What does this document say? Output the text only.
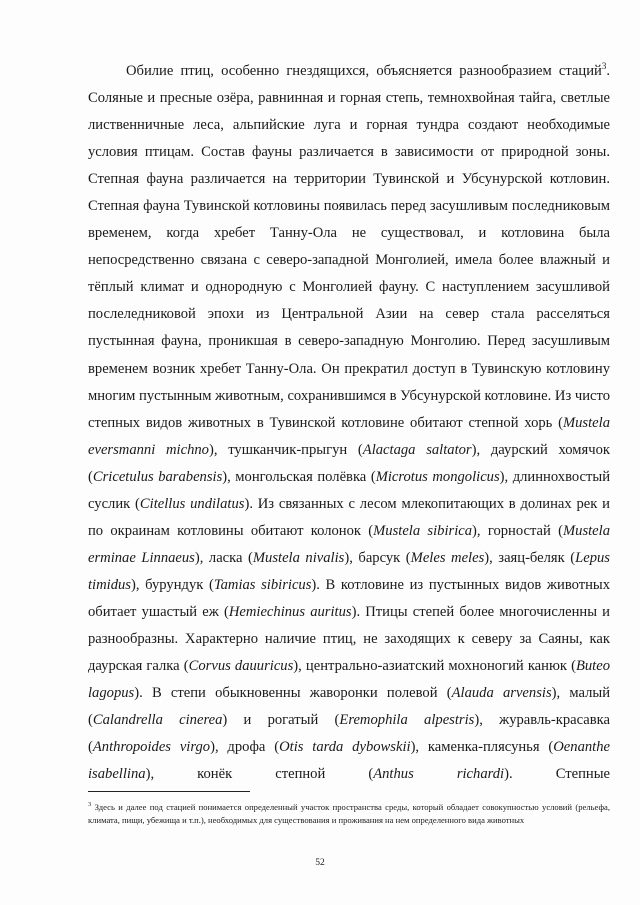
Обилие птиц, особенно гнездящихся, объясняется разнообразием стаций$^3$. Соляные и пресные озёра, равнинная и горная степь, темнохвойная тайга, светлые лиственничные леса, альпийские луга и горная тундра создают необходимые условия птицам. Состав фауны различается в зависимости от природной зоны. Степная фауна различается на территории Тувинской и Убсунурской котловин. Степная фауна Тувинской котловины появилась перед засушливым последниковым временем, когда хребет Танну-Ола не существовал, и котловина была непосредственно связана с северо-западной Монголией, имела более влажный и тёплый климат и однородную с Монголией фауну. С наступлением засушливой послеледниковой эпохи из Центральной Азии на север стала расселяться пустынная фауна, проникшая в северо-западную Монголию. Перед засушливым временем возник хребет Танну-Ола. Он прекратил доступ в Тувинскую котловину многим пустынным животным, сохранившимся в Убсунурской котловине. Из чисто степных видов животных в Тувинской котловине обитают степной хорь (Mustela eversmanni michno), тушканчик-прыгун (Alactaga saltator), даурский хомячок (Cricetulus barabensis), монгольская полёвка (Microtus mongolicus), длиннохвостый суслик (Citellus undilatus). Из связанных с лесом млекопитающих в долинах рек и по окраинам котловины обитают колонок (Mustela sibirica), горностай (Mustela erminae Linnaeus), ласка (Mustela nivalis), барсук (Meles meles), заяц-беляк (Lepus timidus), бурундук (Tamias sibiricus). В котловине из пустынных видов животных обитает ушастый еж (Hemiechinus auritus). Птицы степей более многочисленны и разнообразны. Характерно наличие птиц, не заходящих к северу за Саяны, как даурская галка (Corvus dauuricus), центрально-азиатский мохноногий канюк (Buteo lagopus). В степи обыкновенны жаворонки полевой (Alauda arvensis), малый (Calandrella cinerea) и рогатый (Eremophila alpestris), журавль-красавка (Anthropoides virgo), дрофа (Otis tarda dybowskii), каменка-плясунья (Oenanthe isabellina), конёк степной (Anthus richardi). Степные
$^3$ Здесь и далее под стацией понимается определенный участок пространства среды, который обладает совокупностью условий (рельефа, климата, пищи, убежища и т.п.), необходимых для существования и проживания на нем определенного вида животных
52
